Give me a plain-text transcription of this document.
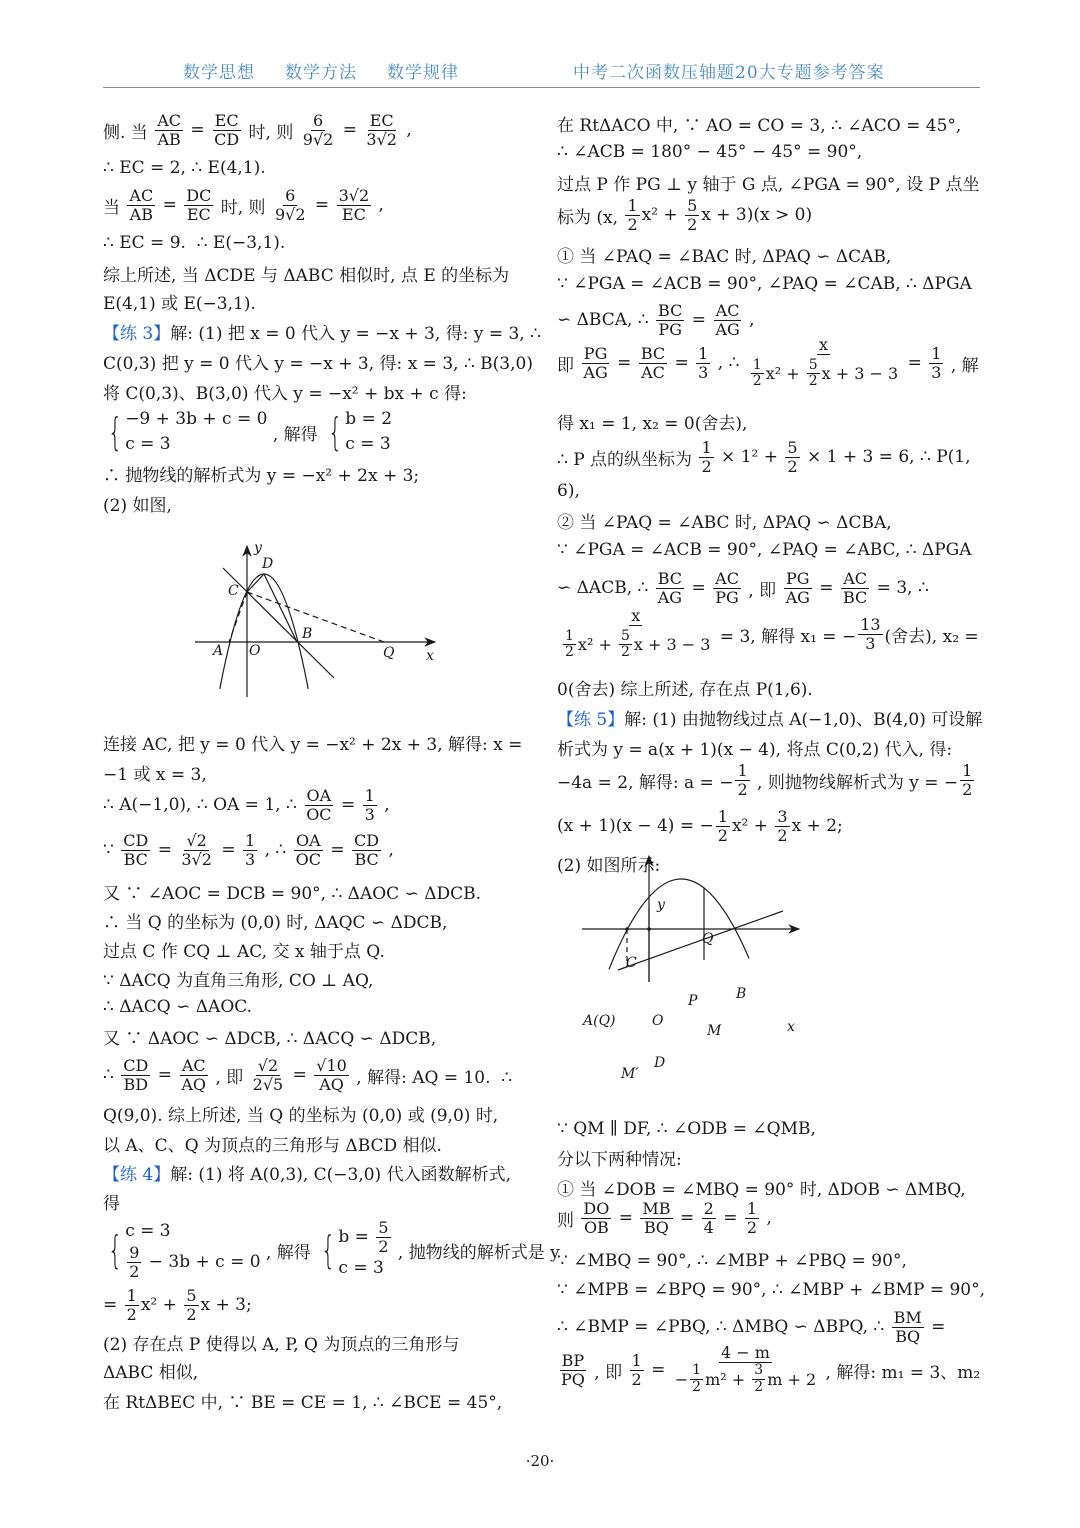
数学思想 数学方法 数学规律	中考二次函数压轴题20大专题参考答案
侧. 当 $\frac{AC}{AB} = \frac{EC}{CD}$ 时, 则 $\frac{6}{9√2} = \frac{EC}{3√2}$ ,
∴ EC = 2, ∴ E(4,1).
当 $\frac{AC}{AB} = \frac{DC}{EC}$ 时, 则 $\frac{6}{9√2} = \frac{3√2}{EC}$ ,
∴ EC = 9.  ∴ E(−3,1).
综上所述, 当 ΔCDE 与 ΔABC 相似时, 点 E 的坐标为
E(4,1) 或 E(−3,1).
【练 3】 解: (1) 把 x = 0 代入 y = −x + 3, 得: y = 3, ∴
C(0,3) 把 y = 0 代入 y = −x + 3, 得: x = 3, ∴ B(3,0)
将 C(0,3)、B(3,0) 代入 y = −x² + bx + c 得:
{ −9 + 3b + c = 0
c = 3	, 解得 { b = 2
c = 3
∴ 抛物线的解析式为 y = −x² + 2x + 3;
(2) 如图,
连接 AC, 把 y = 0 代入 y = −x² + 2x + 3, 解得: x =
−1 或 x = 3,
∴ A(−1,0), ∴ OA = 1, ∴ $\frac{OA}{OC} = \frac{1}{3}$ ,
∵ $\frac{CD}{BC} = \frac{√2}{3√2} = \frac{1}{3}$ , ∴ $\frac{OA}{OC} = \frac{CD}{BC}$ ,
又 ∵ ∠AOC = DCB = 90°, ∴ ΔAOC ∽ ΔDCB.
∴ 当 Q 的坐标为 (0,0) 时, ΔAQC ∽ ΔDCB,
过点 C 作 CQ ⊥ AC, 交 x 轴于点 Q.
∵ ΔACQ 为直角三角形, CO ⊥ AQ,
∴ ΔACQ ∽ ΔAOC.
又 ∵ ΔAOC ∽ ΔDCB, ∴ ΔACQ ∽ ΔDCB,
∴ $\frac{CD}{BD} = \frac{AC}{AQ}$ , 即 $\frac{√2}{2√5} = \frac{√10}{AQ}$ , 解得: AQ = 10.  ∴
Q(9,0). 综上所述, 当 Q 的坐标为 (0,0) 或 (9,0) 时,
以 A、C、Q 为顶点的三角形与 ΔBCD 相似.
【练 4】 解: (1) 将 A(0,3), C(−3,0) 代入函数解析式,
得
{ c = 3
$\frac{9}{2} - 3b + c = 0$ , 解得 { $b = \frac{5}{2}$
c = 3
, 抛物线的解析式是 y
= $\frac{1}{2} x^2 + \frac{5}{2}$ x + 3;
(2) 存在点 P 使得以 A, P, Q 为顶点的三角形与
ΔABC 相似,
在 RtΔBEC 中, ∵ BE = CE = 1, ∴ ∠BCE = 45°,
在 RtΔACO 中, ∵ AO = CO = 3, ∴ ∠ACO = 45°,
∴ ∠ACB = 180° − 45° − 45° = 90°,
过点 P 作 PG ⊥ y 轴于 G 点, ∠PGA = 90°, 设 P 点坐
标为 (x, $\frac{1}{2} x^2 + \frac{5}{2}$ x + 3)(x > 0)
① 当 ∠PAQ = ∠BAC 时, ΔPAQ ∽ ΔCAB,
∵ ∠PGA = ∠ACB = 90°, ∠PAQ = ∠CAB, ∴ ΔPGA
∽ ΔBCA, ∴ $\frac{BC}{PG} = \frac{AC}{AG}$ ,
即 $\frac{PG}{AG} = \frac{BC}{AC} = \frac{1}{3}$ , ∴ $\frac{x}{\frac{1}{2} x^2 + \frac{5}{2} x + 3 - 3} = \frac{1}{3}$ , 解
得 x₁ = 1, x₂ = 0(舍去),
∴ P 点的纵坐标为 $\frac{1}{2} \times 1^2 + \frac{5}{2} \times 1 + 3 = 6$, ∴ P(1,
6),
② 当 ∠PAQ = ∠ABC 时, ΔPAQ ∽ ΔCBA,
∵ ∠PGA = ∠ACB = 90°, ∠PAQ = ∠ABC, ∴ ΔPGA
∽ ΔACB, ∴ $\frac{BC}{AG} = \frac{AC}{PG}$ , 即 $\frac{PG}{AG} = \frac{AC}{BC} = 3$, ∴
$\frac{x}{\frac{1}{2} x^2 + \frac{5}{2} x + 3 - 3} = 3$, 解得 x₁ = − $\frac{13}{3}$ (舍去), x₂ =
0(舍去) 综上所述, 存在点 P(1,6).
【练 5】 解: (1) 由抛物线过点 A(−1,0)、B(4,0) 可设解
析式为 y = a(x + 1)(x − 4), 将点 C(0,2) 代入, 得:
−4a = 2, 解得: a = − $\frac{1}{2}$ , 则抛物线解析式为 y = − $\frac{1}{2}$
(x + 1)(x − 4) = − $\frac{1}{2} x^2 + \frac{3}{2}$ x + 2;
(2) 如图所示:
∵ QM ∥ DF, ∴ ∠ODB = ∠QMB,
分以下两种情况:
① 当 ∠DOB = ∠MBQ = 90° 时, ΔDOB ∽ ΔMBQ,
则 $\frac{DO}{OB} = \frac{MB}{BQ} = \frac{2}{4} = \frac{1}{2}$ ,
∵ ∠MBQ = 90°, ∴ ∠MBP + ∠PBQ = 90°,
∵ ∠MPB = ∠BPQ = 90°, ∴ ∠MBP + ∠BMP = 90°,
∴ ∠BMP = ∠PBQ, ∴ ΔMBQ ∽ ΔBPQ, ∴ $\frac{BM}{BQ}$ =
$\frac{BP}{PQ}$ , 即 $\frac{1}{2} = \frac{4 - m}{- \frac{1}{2} m^2 + \frac{3}{2} m + 2}$ , 解得: m₁ = 3、m₂
y
D
C
B
A O	Q x
y
Q
C
P	B
A(Q)	O
M	x
D
M′
·20·
